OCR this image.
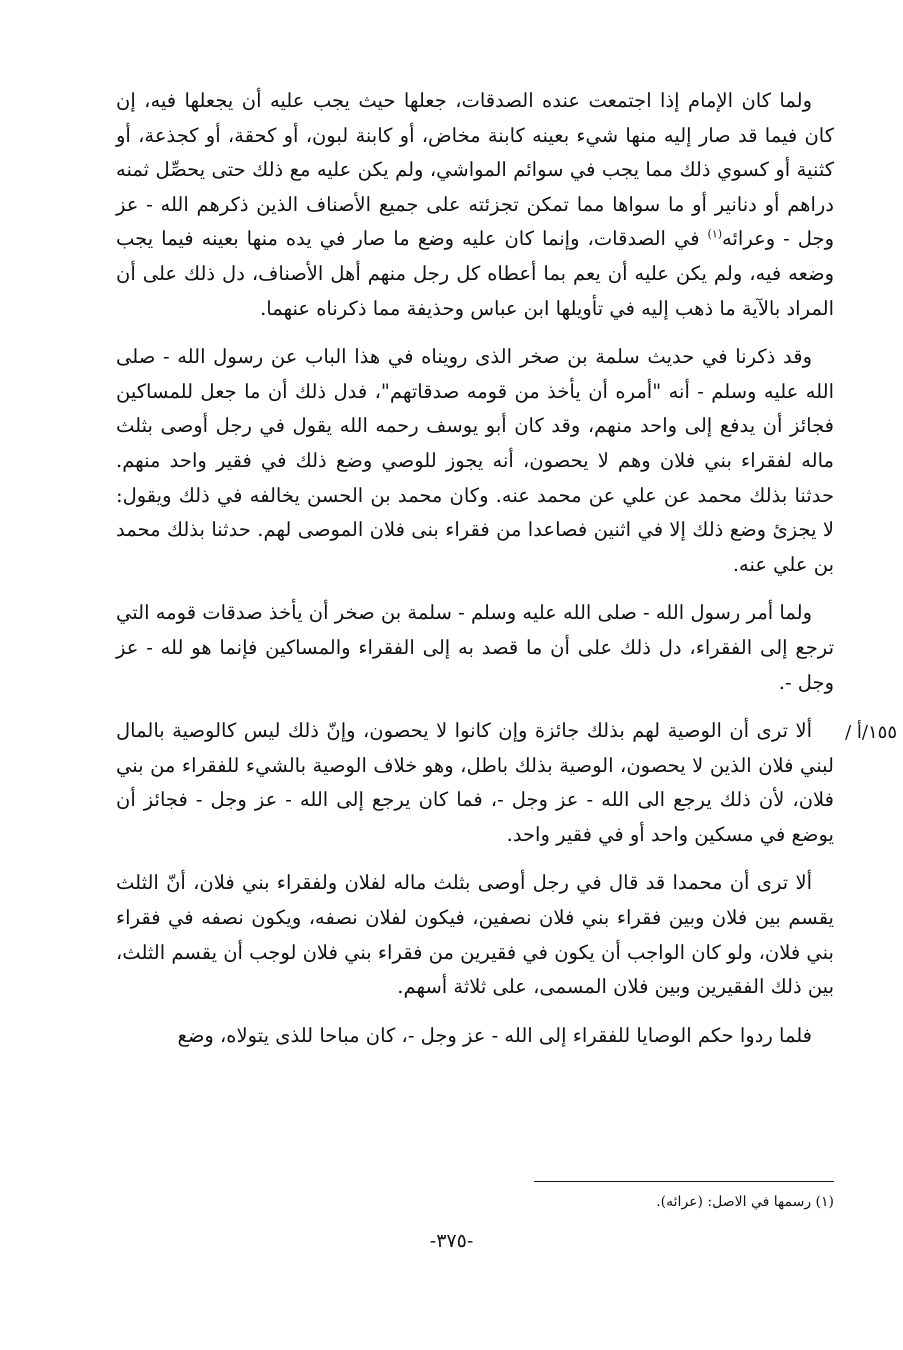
ولما كان الإمام إذا اجتمعت عنده الصدقات، جعلها حيث يجب عليه أن يجعلها فيه، إن كان فيما قد صار إليه منها شيء بعينه كابنة مخاض، أو كابنة لبون، أو كحقة، أو كجذعة، أو كثنية أو كسوي ذلك مما يجب في سوائم المواشي، ولم يكن عليه مع ذلك حتى يحصِّل ثمنه دراهم أو دنانير أو ما سواها مما تمكن تجزئته على جميع الأصناف الذين ذكرهم الله - عز وجل - وعرائه$^{(١)}$ في الصدقات، وإنما كان عليه وضع ما صار في يده منها بعينه فيما يجب وضعه فيه، ولم يكن عليه أن يعم بما أعطاه كل رجل منهم أهل الأصناف، دل ذلك على أن المراد بالآية ما ذهب إليه في تأويلها ابن عباس وحذيفة مما ذكرناه عنهما.

وقد ذكرنا في حديث سلمة بن صخر الذى رويناه في هذا الباب عن رسول الله - صلى الله عليه وسلم - أنه "أمره أن يأخذ من قومه صدقاتهم"، فدل ذلك أن ما جعل للمساكين فجائز أن يدفع إلى واحد منهم، وقد كان أبو يوسف رحمه الله يقول في رجل أوصى بثلث ماله لفقراء بني فلان وهم لا يحصون، أنه يجوز للوصي وضع ذلك في فقير واحد منهم. حدثنا بذلك محمد عن علي عن محمد عنه. وكان محمد بن الحسن يخالفه في ذلك ويقول: لا يجزئ وضع ذلك إلا في اثنين فصاعدا من فقراء بنى فلان الموصى لهم. حدثنا بذلك محمد بن علي عنه.

ولما أمر رسول الله - صلى الله عليه وسلم - سلمة بن صخر أن يأخذ صدقات قومه التي ترجع إلى الفقراء، دل ذلك على أن ما قصد به إلى الفقراء والمساكين فإنما هو لله - عز وجل -.

ألا ترى أن الوصية لهم بذلك جائزة وإن كانوا لا يحصون، وإنّ ذلك ليس كالوصية بالمال لبني فلان الذين لا يحصون، الوصية بذلك باطل، وهو خلاف الوصية بالشيء للفقراء من بني فلان، لأن ذلك يرجع الى الله - عز وجل -، فما كان يرجع إلى الله - عز وجل - فجائز أن يوضع في مسكين واحد أو في فقير واحد.

ألا ترى أن محمدا قد قال في رجل أوصى بثلث ماله لفلان ولفقراء بني فلان، أنّ الثلث يقسم بين فلان وبين فقراء بني فلان نصفين، فيكون لفلان نصفه، ويكون نصفه في فقراء بني فلان، ولو كان الواجب أن يكون في فقيرين من فقراء بني فلان لوجب أن يقسم الثلث، بين ذلك الفقيرين وبين فلان المسمى، على ثلاثة أسهم.

فلما ردوا حكم الوصايا للفقراء إلى الله - عز وجل -، كان مباحا للذى يتولاه، وضع

١٥٥/أ /
(١) رسمها في الاصل: (عرائه).
-٣٧٥-
